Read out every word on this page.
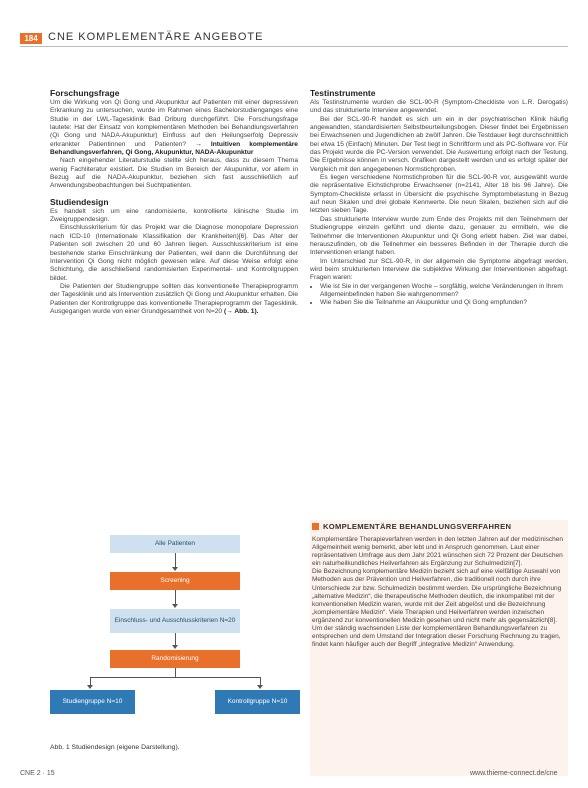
184 CNE KOMPLEMENTÄRE ANGEBOTE
Forschungsfrage

Um die Wirkung von Qi Gong und Akupunktur auf Patienten mit einer depressiven Erkrankung zu untersuchen, wurde im Rahmen eines Bachelorstudienganges eine Studie in der LWL-Tagesklinik Bad Driburg durchgeführt. Die Forschungsfrage lautete: Hat der Einsatz von komplementären Methoden bei Behandlungsverfahren (Qi Gong und NADA-Akupunktur) Einfluss auf den Heilungserfolg Depressiv erkrankter Patientinnen und Patienten? → Intuitiven komplementäre Behandlungsverfahren, Qi Gong, Akupunktur, NADA-Akupunktur

Nach eingehender Literaturstudie stellte sich heraus, dass zu diesem Thema wenig Fachliteratur existiert. Die Studien im Bereich der Akupunktur, vor allem in Bezug auf die NADA-Akupunktur, beziehen sich fast ausschließlich auf Anwendungsbeobachtungen bei Suchtpatienten.

Studiendesign

Es handelt sich um eine randomisierte, kontrollierte klinische Studie im Zweigruppendesign.

Einschlusskriterium für das Projekt war die Diagnose monopolare Depression nach ICD-10 (Internationale Klassifikation der Krankheiten)[6]. Das Alter der Patienten soll zwischen 20 und 60 Jahren liegen. Ausschlusskriterium ist eine bestehende starke Einschränkung der Patienten, weil dann die Durchführung der Intervention Qi Gong nicht möglich gewesen wäre. Auf diese Weise erfolgt eine Schichtung, die anschließend randomisierten Experimental- und Kontrollgruppen bildet.

Die Patienten der Studiengruppe sollten das konventionelle Therapieprogramm der Tagesklinik und als Intervention zusätzlich Qi Gong und Akupunktur erhalten. Die Patienten der Kontrollgruppe das konventionelle Therapieprogramm der Tagesklinik. Ausgegangen wurde von einer Grundgesamtheit von N=20 (→ Abb. 1).

Testinstrumente

Als Testinstrumente wurden die SCL-90-R (Symptom-Checkliste von L.R. Derogatis) und das strukturierte Interview angewendet.

Bei der SCL-90-R handelt es sich um ein in der psychiatrischen Klinik häufig angewandten, standardisierten Selbstbeurteilungsbogen. Dieser findet bei Ergebnissen bei Erwachsenen und Jugendlichen ab zwölf Jahren. Die Testdauer liegt durchschnittlich bei etwa 15 (Einfach) Minuten. Der Test liegt in Schriftform und als PC-Software vor. Für das Projekt wurde die PC-Version verwendet. Die Auswertung erfolgt nach der Testung. Die Ergebnisse können in versch. Grafiken dargestellt werden und es erfolgt später der Vergleich mit den angegebenen Normstichproben.

Es liegen verschiedene Normstichproben für die SCL-90-R vor, ausgewählt wurde die repräsentative Eichstichprobe Erwachsener (n=2141, Alter 18 bis 96 Jahre). Die Symptom-Checkliste erfasst in Übersicht die psychische Symptombelastung in Bezug auf neun Skalen und drei globale Kennwerte. Die neun Skalen, beziehen sich auf die letzten sieben Tage.

Das strukturierte Interview wurde zum Ende des Projekts mit den Teilnehmern der Studiengruppe einzeln geführt und diente dazu, genauer zu ermitteln, wie die Teilnehmer die Interventionen Akupunktur und Qi Gong erlebt haben. Ziel war dabei, herauszufinden, ob die Teilnehmer ein besseres Befinden in der Therapie durch die Interventionen erlangt haben.

Im Unterschied zur SCL-90-R, in der allgemein die Symptome abgefragt werden, wird beim strukturierten Interview die subjektive Wirkung der Interventionen abgefragt. Fragen waren:

• Wie ist Sie in der vergangenen Woche – sorgfältig, welche Veränderungen in Ihrem Allgemeinbefinden haben Sie wahrgenommen?
• Wie haben Sie die Teilnahme an Akupunktur und Qi Gong empfunden?
Alle Patienten
Screening
Einschluss- und Ausschlusskriterien N=20
Randomisierung
Studiengruppe N=10	Kontrollgruppe N=10
Abb. 1 Studiendesign (eigene Darstellung).
KOMPLEMENTÄRE BEHANDLUNGSVERFAHREN

Komplementäre Therapieverfahren werden in den letzten Jahren auf der medizinischen Allgemeinheit wenig bemerkt, aber lebt und in Anspruch genommen. Laut einer repräsentativen Umfrage aus dem Jahr 2021 wünschen sich 72 Prozent der Deutschen ein naturheilkundliches Heilverfahren als Ergänzung zur Schulmedizin[7].

Die Bezeichnung komplementäre Medizin bezieht sich auf eine vielfältige Auswahl von Methoden aus der Prävention und Heilverfahren, die traditionell noch durch ihre Unterschiede zur bzw. Schulmedizin bestimmt werden. Die ursprüngliche Bezeichnung „alternative Medizin“, die therapeutische Methoden deutlich, die inkompatibel mit der konventionellen Medizin waren, wurde mit der Zeit abgelöst und die Bezeichnung „komplementäre Medizin“. Viele Therapien und Heilverfahren werden inzwischen ergänzend zur konventionellen Medizin gesehen und nicht mehr als gegensätzlich[8].

Um der ständig wachsenden Liste der komplementären Behandlungsverfahren zu entsprechen und dem Umstand der Integration dieser Forschung Rechnung zu tragen, findet kann häufiger auch der Begriff „integrative Medizin“ Anwendung.

CNE 2 · 15	www.thieme-connect.de/cne
